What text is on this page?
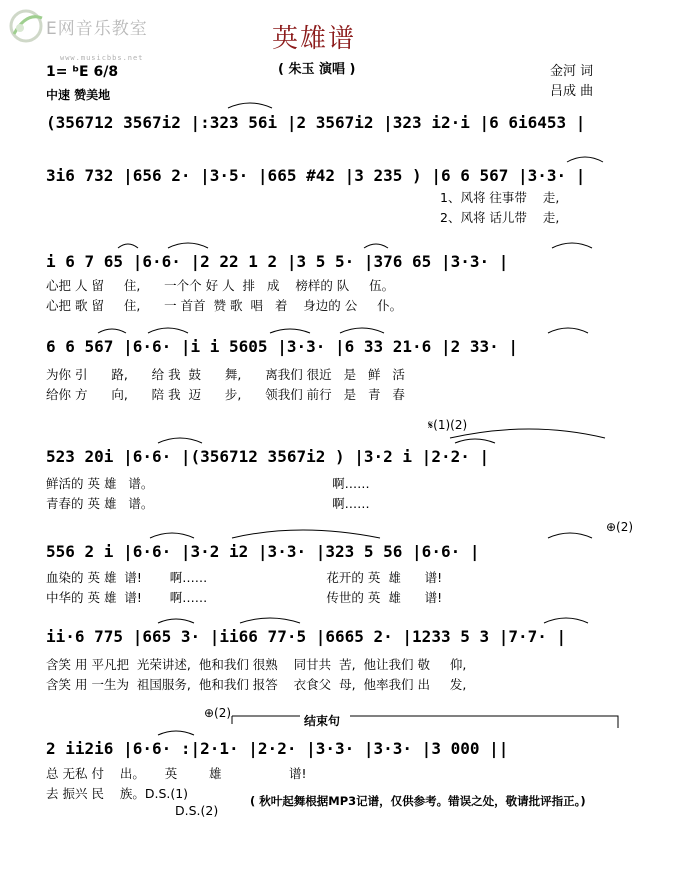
E网音乐教室
www.musicbbs.net
英雄谱
( 朱玉 演唱 )	金河 词
吕成 曲
1= ᵇE 6/8
中速 赞美地
(356712 3567i2 |:323 56i |2 3567i2 |323 i2·i |6 6i6453 |
3i6 732 |656 2· |3·5· |665 #42 |3 235 ) |6 6 567 |3·3· |
1、风将 往事带    走,
2、风将 话儿带    走,
i 6 7 65 |6·6· |2 22 1 2 |3 5 5· |376 65 |3·3· |
心把 人 留     住,      一个个 好 人  排   成    榜样的 队     伍。
心把 歌 留     住,      一 首首  赞 歌  唱   着    身边的 公     仆。
6 6 567 |6·6· |i i 5605 |3·3· |6 33 21·6 |2 33· |
为你 引      路,      给 我  鼓      舞,      离我们 很近   是   鲜   活
给你 方      向,      陪 我  迈      步,      领我们 前行   是   青   春
𝄋(1)(2)
523 20i |6·6· |(356712 3567i2 ) |3·2 i |2·2· |
鲜活的 英 雄   谱。                                             啊……
青春的 英 雄   谱。                                             啊……
⊕(2)
556 2 i |6·6· |3·2 i2 |3·3· |323 5 56 |6·6· |
血染的 英 雄  谱!       啊……                              花开的 英  雄      谱!
中华的 英 雄  谱!       啊……                              传世的 英  雄      谱!
ii·6 775 |665 3· |ii66 77·5 |6665 2· |1233 5 3 |7·7· |
含笑 用 平凡把  光荣讲述,  他和我们 很熟    同甘共  苦,  他让我们 敬     仰,
含笑 用 一生为  祖国服务,  他和我们 报答    衣食父  母,  他率我们 出     发,
⊕(2)
结束句
2 ii2i6 |6·6· :|2·1· |2·2· |3·3· |3·3· |3 000 ||
总 无私 付    出。     英        雄                 谱!
去 振兴 民    族。D.S.(1)
D.S.(2)
( 秋叶起舞根据MP3记谱，仅供参考。错误之处，敬请批评指正。)
